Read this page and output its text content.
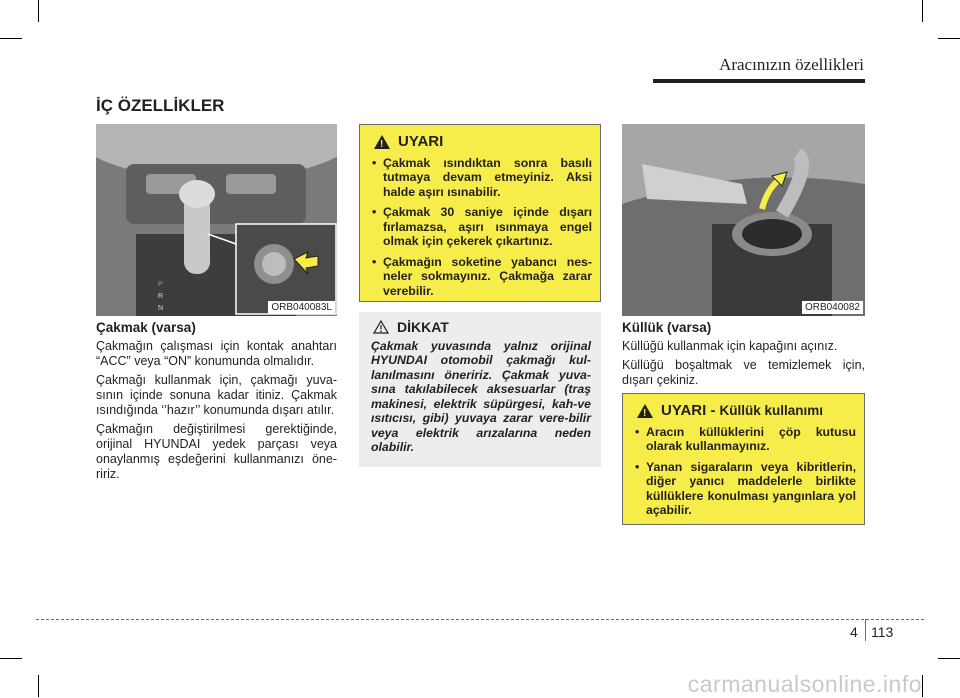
Aracınızın özellikleri
İÇ ÖZELLİKLER
P
R
N	ORB040083L
Çakmak (varsa)

Çakmağın çalışması için kontak anahtarı “ACC” veya “ON” konumunda olmalıdır.

Çakmağı kullanmak için, çakmağı yuva-sının içinde sonuna kadar itiniz. Çakmak ısındığında ‘’hazır’’ konumunda dışarı atılır.

Çakmağın değiştirilmesi gerektiğinde, orijinal HYUNDAI yedek parçası veya onaylanmış eşdeğerini kullanmanızı öne-ririz.

! UYARI
• Çakmak ısındıktan sonra basılı tutmaya devam etmeyiniz. Aksi halde aşırı ısınabilir.
• Çakmak 30 saniye içinde dışarı fırlamazsa, aşırı ısınmaya engel olmak için çekerek çıkartınız.
• Çakmağın soketine yabancı nes-neler sokmayınız. Çakmağa zarar verebilir.
DİKKAT
Çakmak yuvasında yalnız orijinal HYUNDAI otomobil çakmağı kul-lanılmasını öneririz. Çakmak yuva-sına takılabilecek aksesuarlar (traş makinesi, elektrik süpürgesi, kah-ve ısıtıcısı, gibi) yuvaya zarar vere-bilir veya elektrik arızalarına neden olabilir.
ORB040082
Küllük (varsa)

Küllüğü kullanmak için kapağını açınız.

Küllüğü boşaltmak ve temizlemek için, dışarı çekiniz.

! UYARI - Küllük kullanımı
• Aracın küllüklerini çöp kutusu olarak kullanmayınız.
• Yanan sigaraların veya kibritlerin, diğer yanıcı maddelerle birlikte küllüklere konulması yangınlara yol açabilir.
4 113
carmanualsonline.info
